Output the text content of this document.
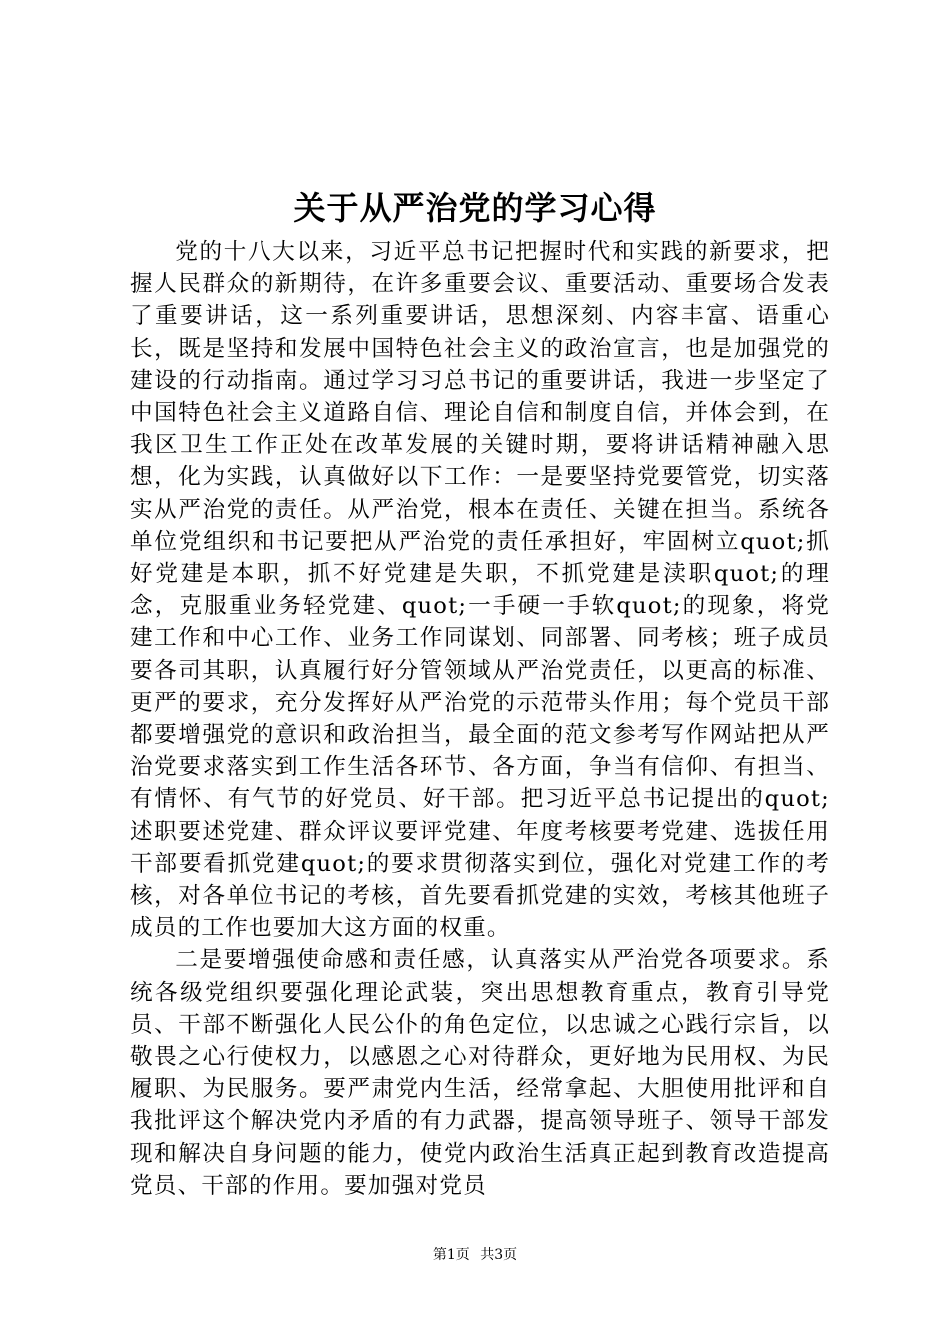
关于从严治党的学习心得

党的十八大以来，习近平总书记把握时代和实践的新要求，把握人民群众的新期待，在许多重要会议、重要活动、重要场合发表了重要讲话，这一系列重要讲话，思想深刻、内容丰富、语重心长，既是坚持和发展中国特色社会主义的政治宣言，也是加强党的建设的行动指南。通过学习习总书记的重要讲话，我进一步坚定了中国特色社会主义道路自信、理论自信和制度自信，并体会到，在我区卫生工作正处在改革发展的关键时期，要将讲话精神融入思想，化为实践，认真做好以下工作：一是要坚持党要管党，切实落实从严治党的责任。从严治党，根本在责任、关键在担当。系统各单位党组织和书记要把从严治党的责任承担好，牢固树立quot;抓好党建是本职，抓不好党建是失职，不抓党建是渎职quot;的理念，克服重业务轻党建、quot;一手硬一手软quot;的现象，将党建工作和中心工作、业务工作同谋划、同部署、同考核；班子成员要各司其职，认真履行好分管领域从严治党责任，以更高的标准、更严的要求，充分发挥好从严治党的示范带头作用；每个党员干部都要增强党的意识和政治担当，最全面的范文参考写作网站把从严治党要求落实到工作生活各环节、各方面，争当有信仰、有担当、有情怀、有气节的好党员、好干部。把习近平总书记提出的quot;述职要述党建、群众评议要评党建、年度考核要考党建、选拔任用干部要看抓党建quot;的要求贯彻落实到位，强化对党建工作的考核，对各单位书记的考核，首先要看抓党建的实效，考核其他班子成员的工作也要加大这方面的权重。

二是要增强使命感和责任感，认真落实从严治党各项要求。系统各级党组织要强化理论武装，突出思想教育重点，教育引导党员、干部不断强化人民公仆的角色定位，以忠诚之心践行宗旨，以敬畏之心行使权力，以感恩之心对待群众，更好地为民用权、为民履职、为民服务。要严肃党内生活，经常拿起、大胆使用批评和自我批评这个解决党内矛盾的有力武器，提高领导班子、领导干部发现和解决自身问题的能力，使党内政治生活真正起到教育改造提高党员、干部的作用。要加强对党员

第1页 共3页
